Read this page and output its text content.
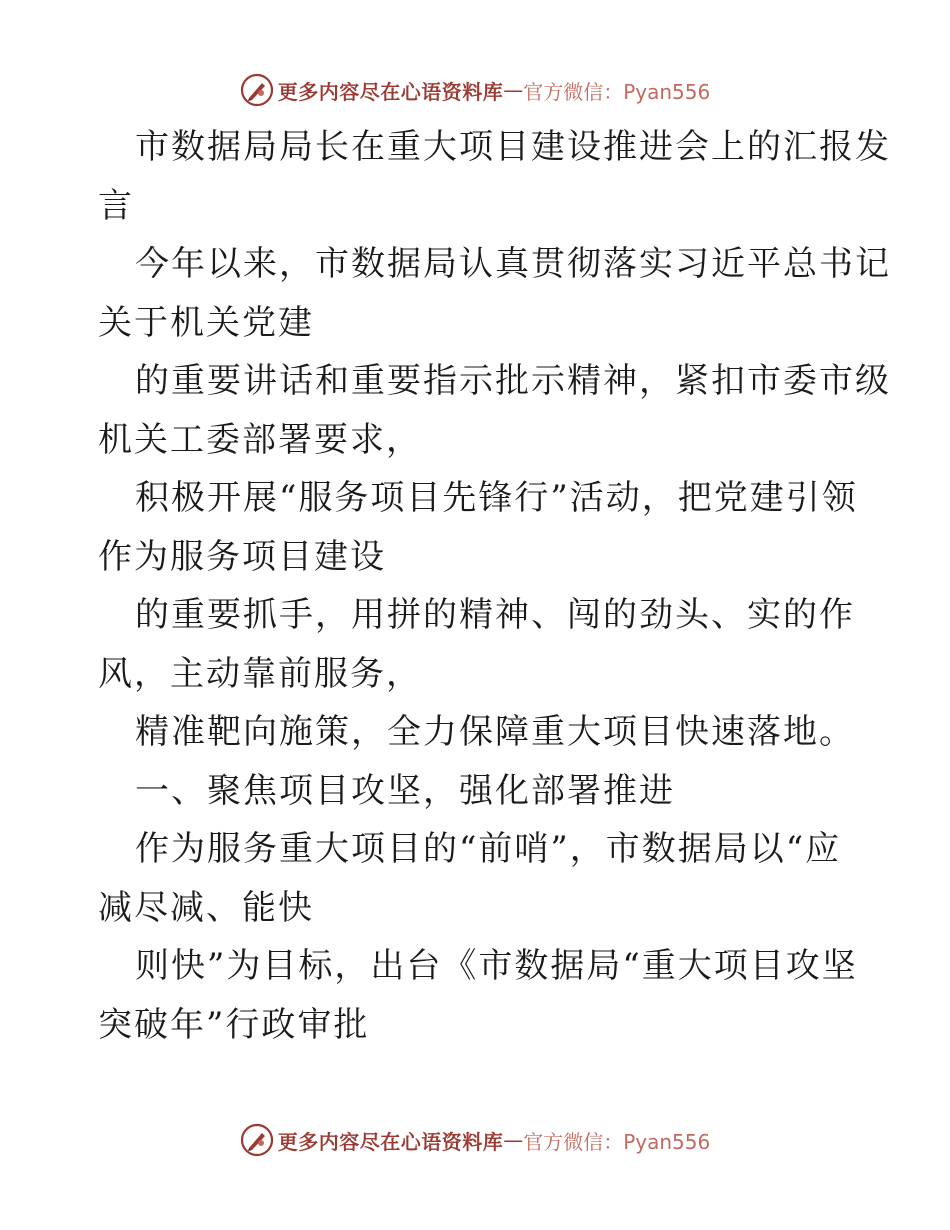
更多内容尽在心语资料库 — 官方微信：Pyan556
市数据局局长在重大项目建设推进会上的汇报发
言
今年以来，市数据局认真贯彻落实习近平总书记
关于机关党建
的重要讲话和重要指示批示精神，紧扣市委市级
机关工委部署要求，
积极开展“服务项目先锋行”活动，把党建引领
作为服务项目建设
的重要抓手，用拼的精神、闯的劲头、实的作
风，主动靠前服务，
精准靶向施策，全力保障重大项目快速落地。
一、聚焦项目攻坚，强化部署推进
作为服务重大项目的“前哨”，市数据局以“应
减尽减、能快
则快”为目标，出台《市数据局“重大项目攻坚
突破年”行政审批
更多内容尽在心语资料库 — 官方微信：Pyan556
